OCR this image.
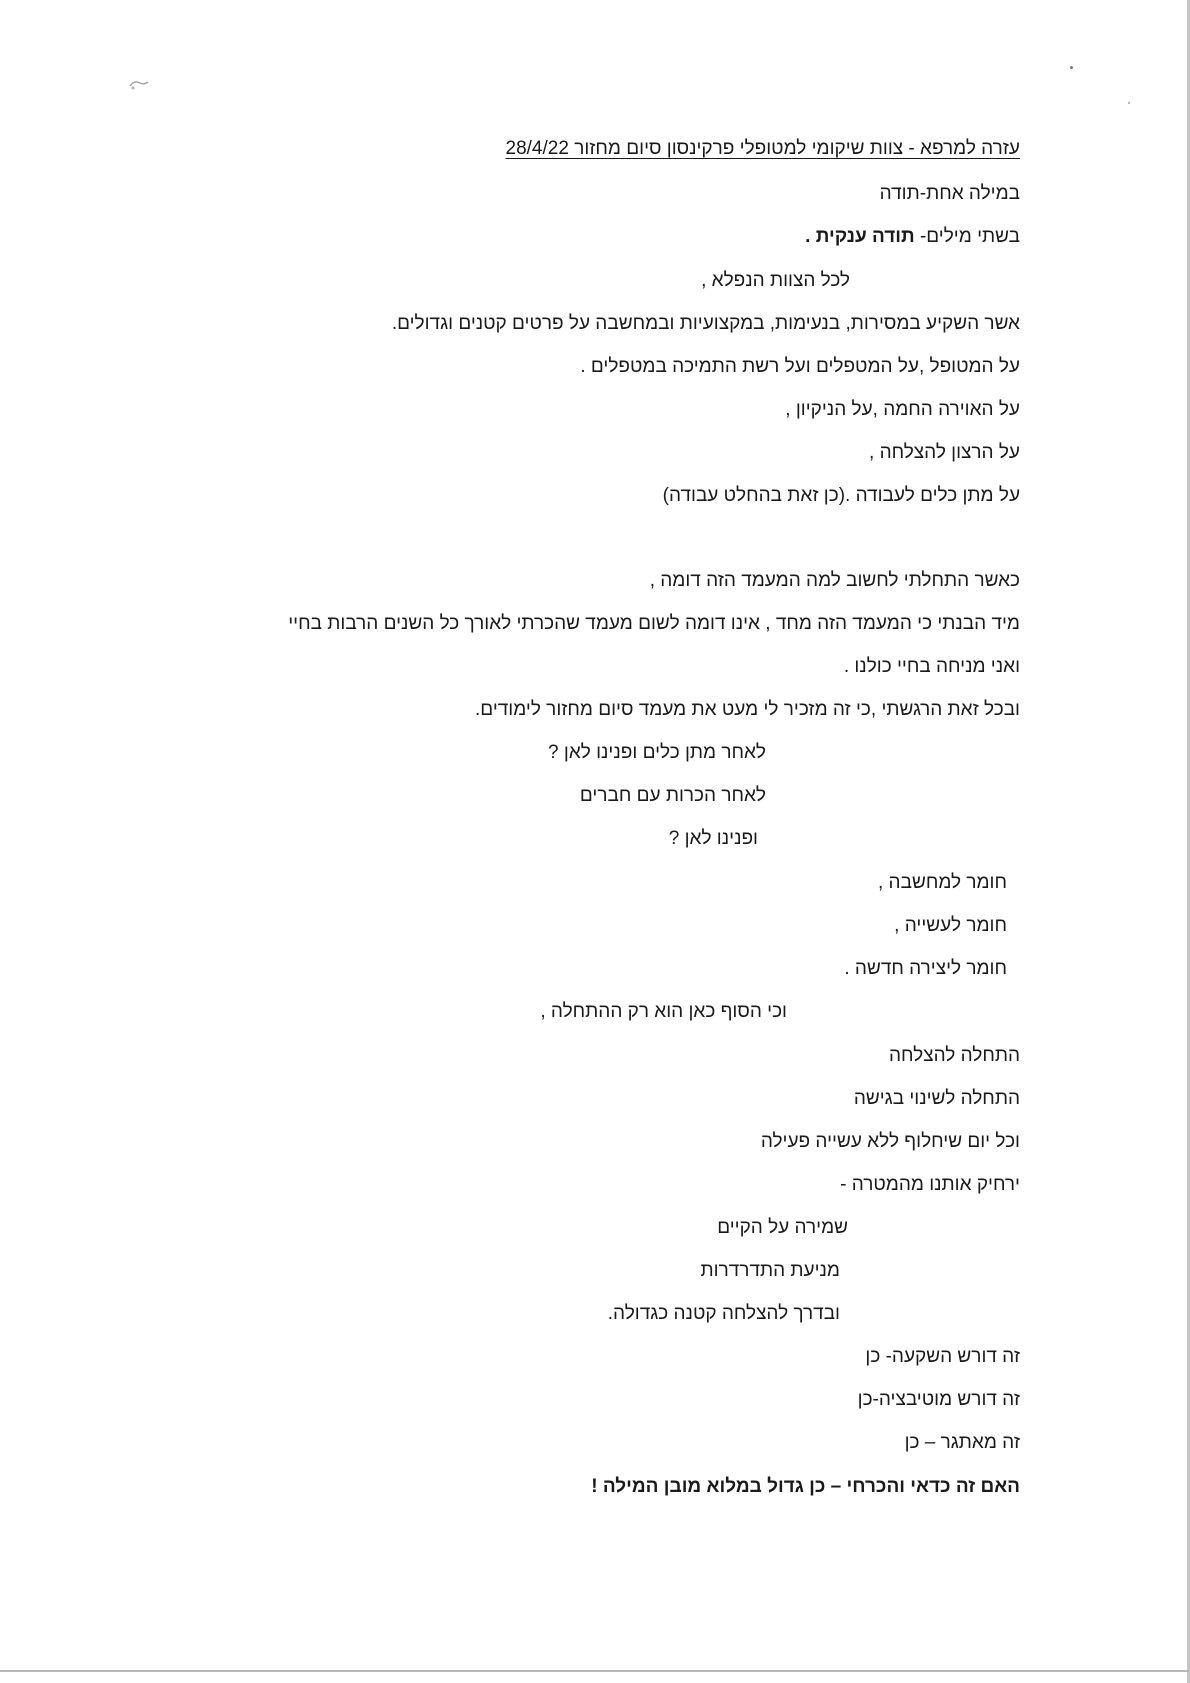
עזרה למרפא - צוות שיקומי למטופלי פרקינסון סיום מחזור 28/4/22
במילה אחת-תודה
בשתי מילים- תודה ענקית .
לכל הצוות הנפלא ,
אשר השקיע במסירות, בנעימות, במקצועיות ובמחשבה על פרטים קטנים וגדולים.
על המטופל ,על המטפלים ועל רשת התמיכה במטפלים .
על האוירה החמה ,על הניקיון ,
על הרצון להצלחה ,
על מתן כלים לעבודה .(כן זאת בהחלט עבודה)
כאשר התחלתי לחשוב למה המעמד הזה דומה ,
מיד הבנתי כי המעמד הזה מחד , אינו דומה לשום מעמד שהכרתי לאורך כל השנים הרבות בחיי
ואני מניחה בחיי כולנו .
ובכל זאת הרגשתי ,כי זה מזכיר לי מעט את מעמד סיום מחזור לימודים.
לאחר מתן כלים ופנינו לאן ?
לאחר הכרות עם חברים
ופנינו לאן ?
חומר למחשבה ,
חומר לעשייה ,
חומר ליצירה חדשה .
וכי הסוף כאן הוא רק ההתחלה ,
התחלה להצלחה
התחלה לשינוי בגישה
וכל יום שיחלוף ללא עשייה פעילה
ירחיק אותנו מהמטרה -
שמירה על הקיים
מניעת התדרדרות
ובדרך להצלחה קטנה כגדולה.
זה דורש השקעה- כן
זה דורש מוטיבציה-כן
זה מאתגר – כן
האם זה כדאי והכרחי – כן גדול במלוא מובן המילה !
